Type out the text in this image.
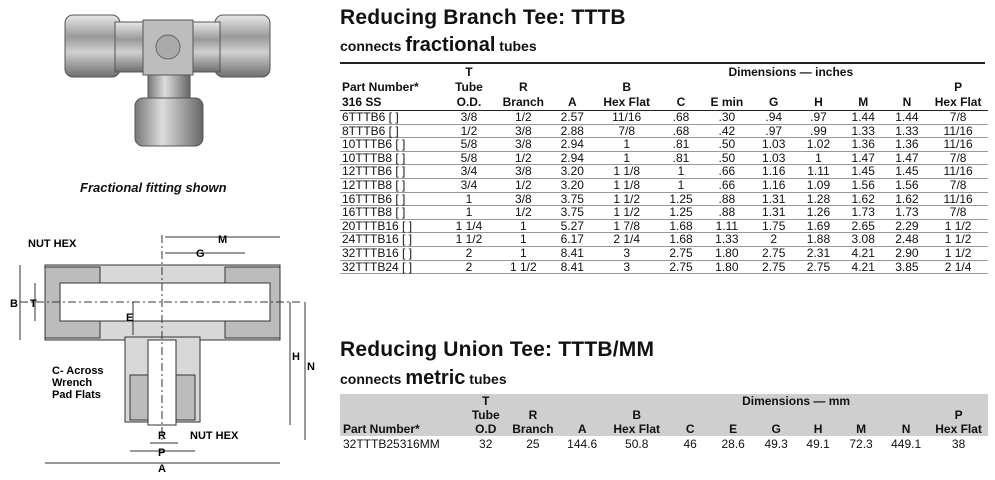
Fractional fitting shown
NUT HEX	M
G
B T
E
H
N
C- Across
Wrench
Pad Flats
R NUT HEX
P
A
Reducing Branch Tee: TTTB
connects fractional tubes
	T			Dimensions — inches							
Part Number*	Tube	R		B							P
316 SS	O.D.	Branch	A	Hex Flat	C	E min	G	H	M	N	Hex Flat
6TTTB6 [ ]	3/8	1/2	2.57	11/16	.68	.30	.94	.97	1.44	1.44	7/8
8TTTB6 [ ]	1/2	3/8	2.88	7/8	.68	.42	.97	.99	1.33	1.33	11/16
10TTTB6 [ ]	5/8	3/8	2.94	1	.81	.50	1.03	1.02	1.36	1.36	11/16
10TTTB8 [ ]	5/8	1/2	2.94	1	.81	.50	1.03	1	1.47	1.47	7/8
12TTTB6 [ ]	3/4	3/8	3.20	1 1/8	1	.66	1.16	1.11	1.45	1.45	11/16
12TTTB8 [ ]	3/4	1/2	3.20	1 1/8	1	.66	1.16	1.09	1.56	1.56	7/8
16TTTB6 [ ]	1	3/8	3.75	1 1/2	1.25	.88	1.31	1.28	1.62	1.62	11/16
16TTTB8 [ ]	1	1/2	3.75	1 1/2	1.25	.88	1.31	1.26	1.73	1.73	7/8
20TTTB16 [ ]	1 1/4	1	5.27	1 7/8	1.68	1.11	1.75	1.69	2.65	2.29	1 1/2
24TTTB16 [ ]	1 1/2	1	6.17	2 1/4	1.68	1.33	2	1.88	3.08	2.48	1 1/2
32TTTB16 [ ]	2	1	8.41	3	2.75	1.80	2.75	2.31	4.21	2.90	1 1/2
32TTTB24 [ ]	2	1 1/2	8.41	3	2.75	1.80	2.75	2.75	4.21	3.85	2 1/4
Reducing Union Tee: TTTB/MM
connects metric tubes
	T			Dimensions — mm							
	Tube	R		B							P
Part Number*	O.D	Branch	A	Hex Flat	C	E	G	H	M	N	Hex Flat
32TTTB25316MM	32	25	144.6	50.8	46	28.6	49.3	49.1	72.3	449.1	38
